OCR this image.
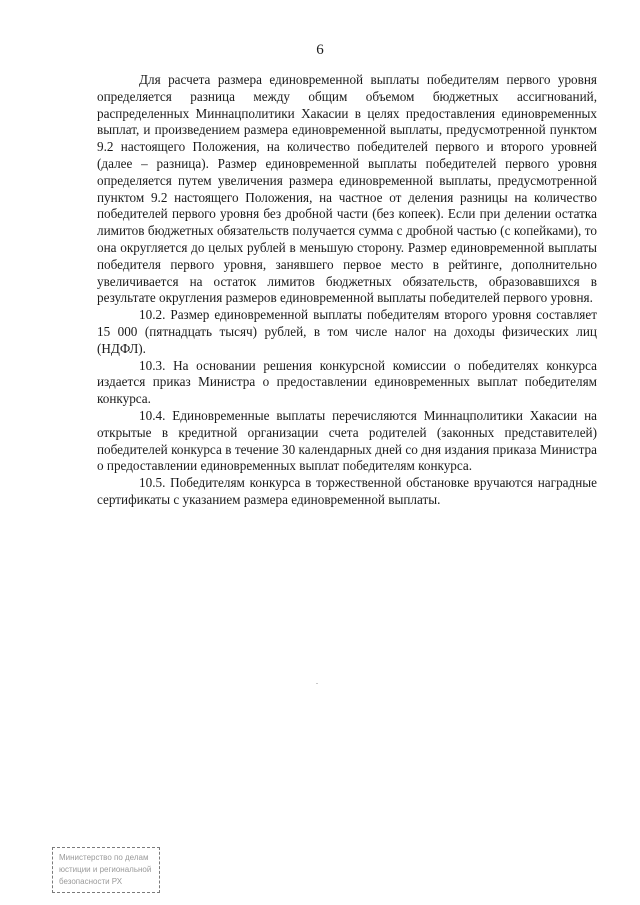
6

Для расчета размера единовременной выплаты победителям первого уровня определяется разница между общим объемом бюджетных ассигнований, распределенных Миннацполитики Хакасии в целях предоставления единовременных выплат, и произведением размера единовременной выплаты, предусмотренной пунктом 9.2 настоящего Положения, на количество победителей первого и второго уровней (далее – разница). Размер единовременной выплаты победителей первого уровня определяется путем увеличения размера единовременной выплаты, предусмотренной пунктом 9.2 настоящего Положения, на частное от деления разницы на количество победителей первого уровня без дробной части (без копеек). Если при делении остатка лимитов бюджетных обязательств получается сумма с дробной частью (с копейками), то она округляется до целых рублей в меньшую сторону. Размер единовременной выплаты победителя первого уровня, занявшего первое место в рейтинге, дополнительно увеличивается на остаток лимитов бюджетных обязательств, образовавшихся в результате округления размеров единовременной выплаты победителей первого уровня.

10.2. Размер единовременной выплаты победителям второго уровня составляет 15 000 (пятнадцать тысяч) рублей, в том числе налог на доходы физических лиц (НДФЛ).

10.3. На основании решения конкурсной комиссии о победителях конкурса издается приказ Министра о предоставлении единовременных выплат победителям конкурса.

10.4. Единовременные выплаты перечисляются Миннацполитики Хакасии на открытые в кредитной организации счета родителей (законных представителей) победителей конкурса в течение 30 календарных дней со дня издания приказа Министра о предоставлении единовременных выплат победителям конкурса.

10.5. Победителям конкурса в торжественной обстановке вручаются наградные сертификаты с указанием размера единовременной выплаты.

Министерство по делам
юстиции и региональной
безопасности РХ
